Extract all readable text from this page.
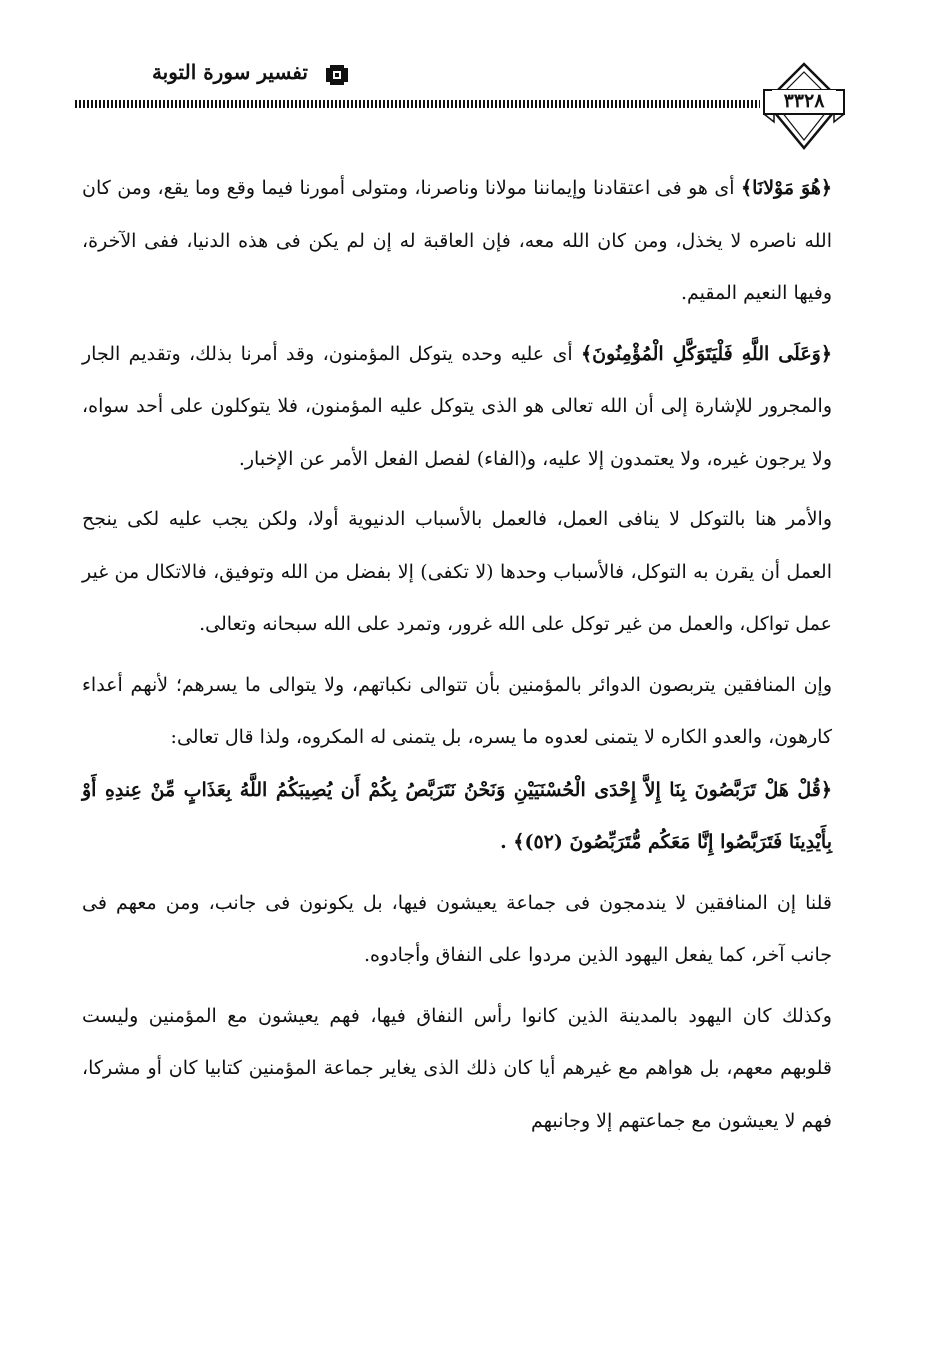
تفسير سورة التوبة
٣٣٢٨

﴿هُوَ مَوْلانَا﴾ أى هو فى اعتقادنا وإيماننا مولانا وناصرنا، ومتولى أمورنا فيما وقع وما يقع، ومن كان الله ناصره لا يخذل، ومن كان الله معه، فإن العاقبة له إن لم يكن فى هذه الدنيا، ففى الآخرة، وفيها النعيم المقيم.

﴿وَعَلَى اللَّهِ فَلْيَتَوَكَّلِ الْمُؤْمِنُونَ﴾ أى عليه وحده يتوكل المؤمنون، وقد أمرنا بذلك، وتقديم الجار والمجرور للإشارة إلى أن الله تعالى هو الذى يتوكل عليه المؤمنون، فلا يتوكلون على أحد سواه، ولا يرجون غيره، ولا يعتمدون إلا عليه، و(الفاء) لفصل الفعل الأمر عن الإخبار.

والأمر هنا بالتوكل لا ينافى العمل، فالعمل بالأسباب الدنيوية أولا، ولكن يجب عليه لكى ينجح العمل أن يقرن به التوكل، فالأسباب وحدها (لا تكفى) إلا بفضل من الله وتوفيق، فالاتكال من غير عمل تواكل، والعمل من غير توكل على الله غرور، وتمرد على الله سبحانه وتعالى.

وإن المنافقين يتربصون الدوائر بالمؤمنين بأن تتوالى نكباتهم، ولا يتوالى ما يسرهم؛ لأنهم أعداء كارهون، والعدو الكاره لا يتمنى لعدوه ما يسره، بل يتمنى له المكروه، ولذا قال تعالى:

﴿قُلْ هَلْ تَرَبَّصُونَ بِنَا إِلاَّ إِحْدَى الْحُسْنَيَيْنِ وَنَحْنُ نَتَرَبَّصُ بِكُمْ أَن يُصِيبَكُمُ اللَّهُ بِعَذَابٍ مِّنْ عِندِهِ أَوْ بِأَيْدِينَا فَتَرَبَّصُوا إِنَّا مَعَكُم مُّتَرَبِّصُونَ (٥٢)﴾ .

قلنا إن المنافقين لا يندمجون فى جماعة يعيشون فيها، بل يكونون فى جانب، ومن معهم فى جانب آخر، كما يفعل اليهود الذين مردوا على النفاق وأجادوه.

وكذلك كان اليهود بالمدينة الذين كانوا رأس النفاق فيها، فهم يعيشون مع المؤمنين وليست قلوبهم معهم، بل هواهم مع غيرهم أيا كان ذلك الذى يغاير جماعة المؤمنين كتابيا كان أو مشركا، فهم لا يعيشون مع جماعتهم إلا وجانبهم
